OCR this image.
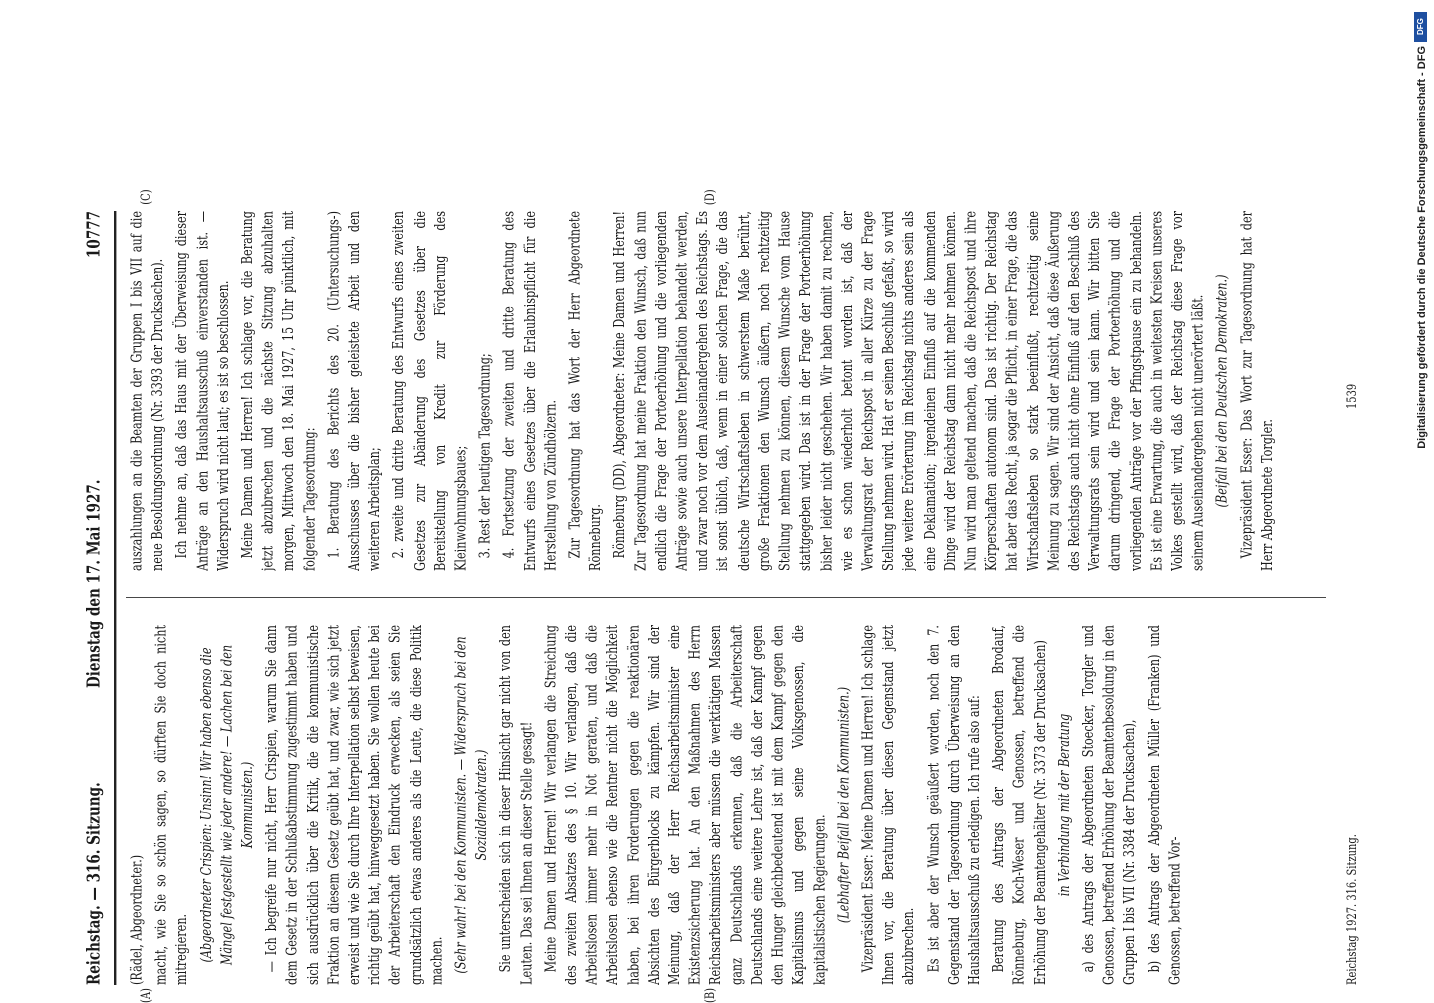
Reichstag. — 316. Sitzung.
Dienstag den 17. Mai 1927.
10777
(A)	(B)
(C)	(D)

(Rädel, Abgeordneter.) macht, wie Sie so schön sagen, so dürften Sie doch nicht mitregieren. (Abgeordneter Crispien: Unsinn! Wir haben ebenso die Mängel festgestellt wie jeder andere! — Lachen bei den Kommunisten.) — Ich begreife nur nicht, Herr Crispien, warum Sie dann dem Gesetz in der Schlußabstimmung zugestimmt haben und sich ausdrücklich über die Kritik, die die kommunistische Fraktion an diesem Gesetz geübt hat, und zwar, wie sich jetzt erweist und wie Sie durch Ihre Interpellation selbst beweisen, richtig geübt hat, hinweggesetzt haben. Sie wollen heute bei der Arbeiterschaft den Eindruck erwecken, als seien Sie grundsätzlich etwas anderes als die Leute, die diese Politik machen. (Sehr wahr! bei den Kommunisten. — Widerspruch bei den Sozialdemokraten.) Sie unterscheiden sich in dieser Hinsicht gar nicht von den Leuten. Das sei Ihnen an dieser Stelle gesagt! Meine Damen und Herren! Wir verlangen die Streichung des zweiten Absatzes des § 10. Wir verlangen, daß die Arbeitslosen immer mehr in Not geraten, und daß die Arbeitslosen ebenso wie die Rentner nicht die Möglichkeit haben, bei ihren Forderungen gegen die reaktionären Absichten des Bürgerblocks zu kämpfen. Wir sind der Meinung, daß der Herr Reichsarbeitsminister eine Existenzsicherung hat. An den Maßnahmen des Herrn Reichsarbeitsministers aber müssen die werktätigen Massen ganz Deutschlands erkennen, daß die Arbeiterschaft Deutschlands eine weitere Lehre ist, daß der Kampf gegen den Hunger gleichbedeutend ist mit dem Kampf gegen den Kapitalismus und gegen seine Volksgenossen, die kapitalistischen Regierungen. (Lebhafter Beifall bei den Kommunisten.) Vizepräsident Esser: Meine Damen und Herren! Ich schlage Ihnen vor, die Beratung über diesen Gegenstand jetzt abzubrechen. Es ist aber der Wunsch geäußert worden, noch den 7. Gegenstand der Tagesordnung durch Überweisung an den Haushaltsausschuß zu erledigen. Ich rufe also auf: Beratung des Antrags der Abgeordneten Brodauf, Rönneburg, Koch-Weser und Genossen, betreffend die Erhöhung der Beamtengehälter (Nr. 3373 der Drucksachen) in Verbindung mit der Beratung a) des Antrags der Abgeordneten Stoecker, Torgler und Genossen, betreffend Erhöhung der Beamtenbesoldung in den Gruppen I bis VII (Nr. 3384 der Drucksachen), b) des Antrags der Abgeordneten Müller (Franken) und Genossen, betreffend Vor-

auszahlungen an die Beamten der Gruppen I bis VII auf die neue Besoldungsordnung (Nr. 3393 der Drucksachen). Ich nehme an, daß das Haus mit der Überweisung dieser Anträge an den Haushaltsausschuß einverstanden ist. — Widerspruch wird nicht laut; es ist so beschlossen. Meine Damen und Herren! Ich schlage vor, die Beratung jetzt abzubrechen und die nächste Sitzung abzuhalten morgen, Mittwoch den 18. Mai 1927, 15 Uhr pünktlich, mit folgender Tagesordnung: 1. Beratung des Berichts des 20. (Untersuchungs-) Ausschusses über die bisher geleistete Arbeit und den weiteren Arbeitsplan; 2. zweite und dritte Beratung des Entwurfs eines zweiten Gesetzes zur Abänderung des Gesetzes über die Bereitstellung von Kredit zur Förderung des Kleinwohnungsbaues; 3. Rest der heutigen Tagesordnung; 4. Fortsetzung der zweiten und dritte Beratung des Entwurfs eines Gesetzes über die Erlaubnispflicht für die Herstellung von Zündhölzern. Zur Tagesordnung hat das Wort der Herr Abgeordnete Rönneburg. Rönneburg (DD), Abgeordneter: Meine Damen und Herren! Zur Tagesordnung hat meine Fraktion den Wunsch, daß nun endlich die Frage der Portoerhöhung und die vorliegenden Anträge sowie auch unsere Interpellation behandelt werden, und zwar noch vor dem Auseinandergehen des Reichstags. Es ist sonst üblich, daß, wenn in einer solchen Frage, die das deutsche Wirtschaftsleben in schwerstem Maße berührt, große Fraktionen den Wunsch äußern, noch rechtzeitig Stellung nehmen zu können, diesem Wunsche vom Hause stattgegeben wird. Das ist in der Frage der Portoerhöhung bisher leider nicht geschehen. Wir haben damit zu rechnen, wie es schon wiederholt betont worden ist, daß der Verwaltungsrat der Reichspost in aller Kürze zu der Frage Stellung nehmen wird. Hat er seinen Beschluß gefaßt, so wird jede weitere Erörterung im Reichstag nichts anderes sein als eine Deklamation; irgendeinen Einfluß auf die kommenden Dinge wird der Reichstag dann nicht mehr nehmen können. Nun wird man geltend machen, daß die Reichspost und ihre Körperschaften autonom sind. Das ist richtig. Der Reichstag hat aber das Recht, ja sogar die Pflicht, in einer Frage, die das Wirtschaftsleben so stark beeinflußt, rechtzeitig seine Meinung zu sagen. Wir sind der Ansicht, daß diese Äußerung des Reichstags auch nicht ohne Einfluß auf den Beschluß des Verwaltungsrats sein wird und sein kann. Wir bitten Sie darum dringend, die Frage der Portoerhöhung und die vorliegenden Anträge vor der Pfingstpause ein zu behandeln. Es ist eine Erwartung, die auch in weitesten Kreisen unseres Volkes gestellt wird, daß der Reichstag diese Frage vor seinem Auseinandergehen nicht unerörtert läßt. (Beifall bei den Deutschen Demokraten.) Vizepräsident Esser: Das Wort zur Tagesordnung hat der Herr Abgeordnete Torgler.

Reichstag 1927. 316. Sitzung.
1539
DFG
Digitalisierung gefördert durch die Deutsche Forschungsgemeinschaft - DFG
